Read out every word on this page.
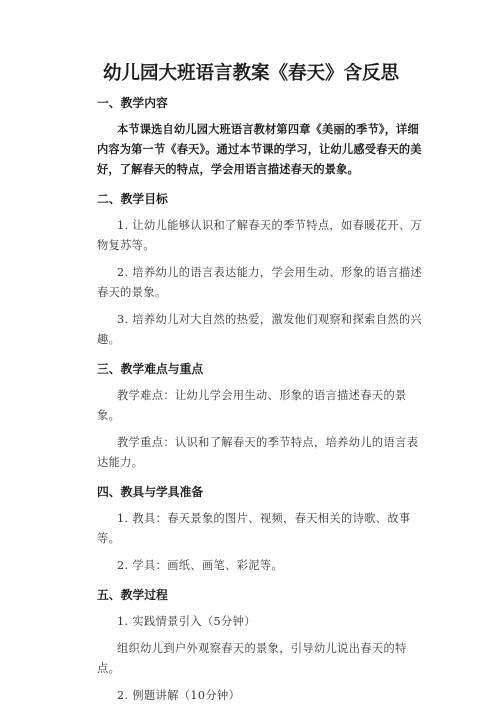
幼儿园大班语言教案《春天》含反思

一、教学内容

本节课选自幼儿园大班语言教材第四章《美丽的季节》，详细内容为第一节《春天》。通过本节课的学习，让幼儿感受春天的美好，了解春天的特点，学会用语言描述春天的景象。

二、教学目标

1. 让幼儿能够认识和了解春天的季节特点，如春暖花开、万物复苏等。

2. 培养幼儿的语言表达能力，学会用生动、形象的语言描述春天的景象。

3. 培养幼儿对大自然的热爱，激发他们观察和探索自然的兴趣。

三、教学难点与重点

教学难点：让幼儿学会用生动、形象的语言描述春天的景象。

教学重点：认识和了解春天的季节特点，培养幼儿的语言表达能力。

四、教具与学具准备

1. 教具：春天景象的图片、视频，春天相关的诗歌、故事等。

2. 学具：画纸、画笔、彩泥等。

五、教学过程

1. 实践情景引入（5分钟）

组织幼儿到户外观察春天的景象，引导幼儿说出春天的特点。

2. 例题讲解（10分钟）
